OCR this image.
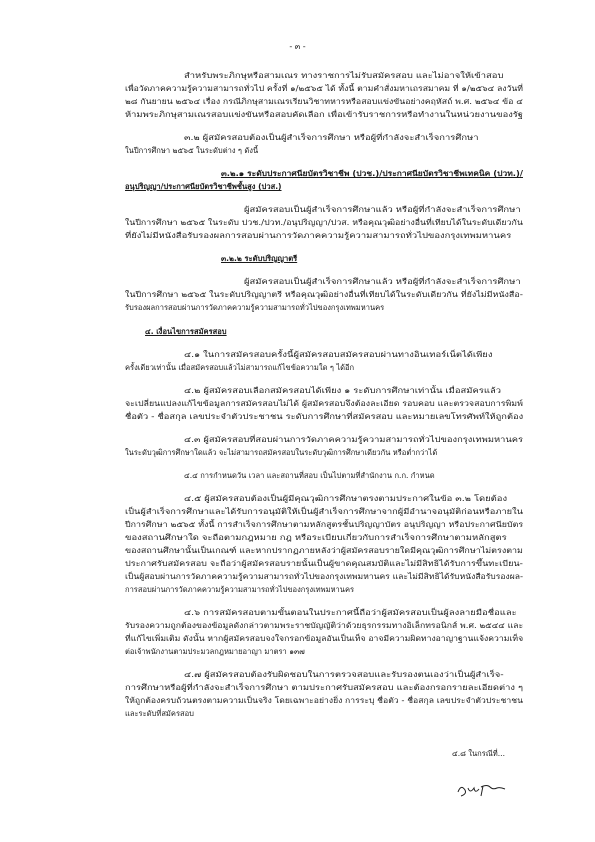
- ๓ -
สำหรับพระภิกษุหรือสามเณร ทางราชการไม่รับสมัครสอบ และไม่อาจให้เข้าสอบ
เพื่อวัดภาคความรู้ความสามารถทั่วไป ครั้งที่ ๑/๒๕๖๕ ได้ ทั้งนี้ ตามคำสั่งมหาเถรสมาคม ที่ ๑/๒๕๖๔ ลงวันที่
๒๘ กันยายน ๒๕๖๔ เรื่อง กรณีภิกษุสามเณรเรียนวิชาทหารหรือสอบแข่งขันอย่างคฤหัสถ์ พ.ศ. ๒๕๖๔ ข้อ ๔
ห้ามพระภิกษุสามเณรสอบแข่งขันหรือสอบคัดเลือก เพื่อเข้ารับราชการหรือทำงานในหน่วยงานของรัฐ
๓.๒ ผู้สมัครสอบต้องเป็นผู้สำเร็จการศึกษา หรือผู้ที่กำลังจะสำเร็จการศึกษา
ในปีการศึกษา ๒๕๖๕ ในระดับต่าง ๆ ดังนี้
๓.๒.๑ ระดับประกาศนียบัตรวิชาชีพ (ปวช.)/ประกาศนียบัตรวิชาชีพเทคนิค (ปวท.)/
อนุปริญญา/ประกาศนียบัตรวิชาชีพชั้นสูง (ปวส.)
ผู้สมัครสอบเป็นผู้สำเร็จการศึกษาแล้ว หรือผู้ที่กำลังจะสำเร็จการศึกษา
ในปีการศึกษา ๒๕๖๕ ในระดับ ปวช./ปวท./อนุปริญญา/ปวส. หรือคุณวุฒิอย่างอื่นที่เทียบได้ในระดับเดียวกัน
ที่ยังไม่มีหนังสือรับรองผลการสอบผ่านการวัดภาคความรู้ความสามารถทั่วไปของกรุงเทพมหานคร
๓.๒.๒ ระดับปริญญาตรี
ผู้สมัครสอบเป็นผู้สำเร็จการศึกษาแล้ว หรือผู้ที่กำลังจะสำเร็จการศึกษา
ในปีการศึกษา ๒๕๖๕ ในระดับปริญญาตรี หรือคุณวุฒิอย่างอื่นที่เทียบได้ในระดับเดียวกัน ที่ยังไม่มีหนังสือ-
รับรองผลการสอบผ่านการวัดภาคความรู้ความสามารถทั่วไปของกรุงเทพมหานคร
๔. เงื่อนไขการสมัครสอบ
๔.๑ ในการสมัครสอบครั้งนี้ผู้สมัครสอบสมัครสอบผ่านทางอินเทอร์เน็ตได้เพียง
ครั้งเดียวเท่านั้น เมื่อสมัครสอบแล้วไม่สามารถแก้ไขข้อความใด ๆ ได้อีก
๔.๒ ผู้สมัครสอบเลือกสมัครสอบได้เพียง ๑ ระดับการศึกษาเท่านั้น เมื่อสมัครแล้ว
จะเปลี่ยนแปลงแก้ไขข้อมูลการสมัครสอบไม่ได้ ผู้สมัครสอบจึงต้องละเอียด รอบคอบ และตรวจสอบการพิมพ์
ชื่อตัว - ชื่อสกุล เลขประจำตัวประชาชน ระดับการศึกษาที่สมัครสอบ และหมายเลขโทรศัพท์ให้ถูกต้อง
๔.๓ ผู้สมัครสอบที่สอบผ่านการวัดภาคความรู้ความสามารถทั่วไปของกรุงเทพมหานคร
ในระดับวุฒิการศึกษาใดแล้ว จะไม่สามารถสมัครสอบในระดับวุฒิการศึกษาเดียวกัน หรือต่ำกว่าได้
๔.๔ การกำหนดวัน เวลา และสถานที่สอบ เป็นไปตามที่สำนักงาน ก.ก. กำหนด
๔.๕ ผู้สมัครสอบต้องเป็นผู้มีคุณวุฒิการศึกษาตรงตามประกาศในข้อ ๓.๒ โดยต้อง
เป็นผู้สำเร็จการศึกษาและได้รับการอนุมัติให้เป็นผู้สำเร็จการศึกษาจากผู้มีอำนาจอนุมัติก่อนหรือภายใน
ปีการศึกษา ๒๕๖๕ ทั้งนี้ การสำเร็จการศึกษาตามหลักสูตรชั้นปริญญาบัตร อนุปริญญา หรือประกาศนียบัตร
ของสถานศึกษาใด จะถือตามกฎหมาย กฎ หรือระเบียบเกี่ยวกับการสำเร็จการศึกษาตามหลักสูตร
ของสถานศึกษานั้นเป็นเกณฑ์ และหากปรากฏภายหลังว่าผู้สมัครสอบรายใดมีคุณวุฒิการศึกษาไม่ตรงตาม
ประกาศรับสมัครสอบ จะถือว่าผู้สมัครสอบรายนั้นเป็นผู้ขาดคุณสมบัติและไม่มีสิทธิได้รับการขึ้นทะเบียน-
เป็นผู้สอบผ่านการวัดภาคความรู้ความสามารถทั่วไปของกรุงเทพมหานคร และไม่มีสิทธิได้รับหนังสือรับรองผล-
การสอบผ่านการวัดภาคความรู้ความสามารถทั่วไปของกรุงเทพมหานคร
๔.๖ การสมัครสอบตามขั้นตอนในประกาศนี้ถือว่าผู้สมัครสอบเป็นผู้ลงลายมือชื่อและ
รับรองความถูกต้องของข้อมูลดังกล่าวตามพระราชบัญญัติว่าด้วยธุรกรรมทางอิเล็กทรอนิกส์ พ.ศ. ๒๕๔๔ และ
ที่แก้ไขเพิ่มเติม ดังนั้น หากผู้สมัครสอบจงใจกรอกข้อมูลอันเป็นเท็จ อาจมีความผิดทางอาญาฐานแจ้งความเท็จ
ต่อเจ้าพนักงานตามประมวลกฎหมายอาญา มาตรา ๑๓๗
๔.๗ ผู้สมัครสอบต้องรับผิดชอบในการตรวจสอบและรับรองตนเองว่าเป็นผู้สำเร็จ-
การศึกษาหรือผู้ที่กำลังจะสำเร็จการศึกษา ตามประกาศรับสมัครสอบ และต้องกรอกรายละเอียดต่าง ๆ
ให้ถูกต้องครบถ้วนตรงตามความเป็นจริง โดยเฉพาะอย่างยิ่ง การระบุ ชื่อตัว - ชื่อสกุล เลขประจำตัวประชาชน
และระดับที่สมัครสอบ
๔.๘ ในกรณีที่...
